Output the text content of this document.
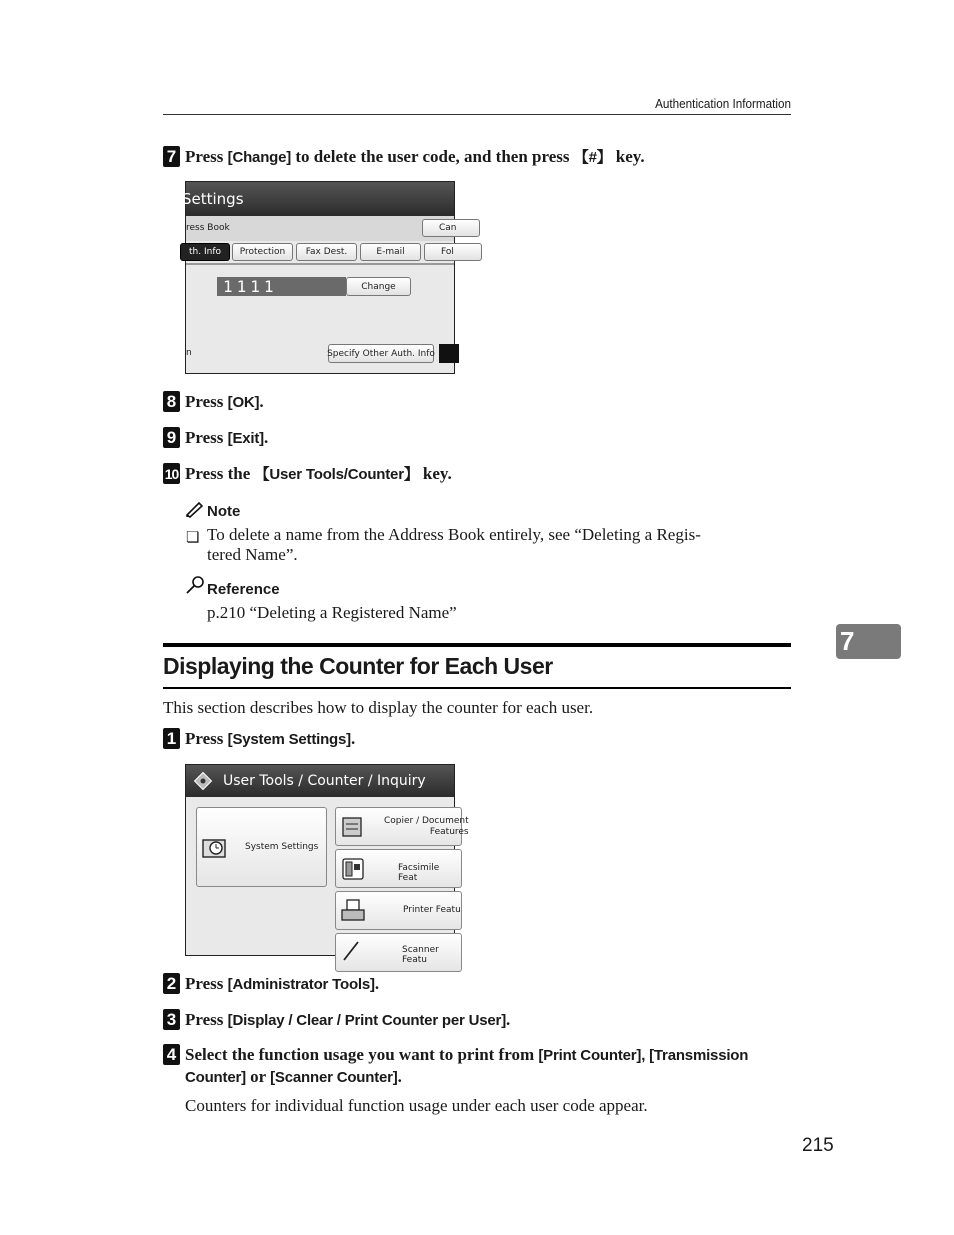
Authentication Information
7 Press [Change] to delete the user code, and then press 【#】 key.
Settings
ress Book	Can
th. Info	Protection	Fax Dest.	E-mail	Fol
1111	Change
n	Specify Other Auth. Info
8 Press [OK].
9 Press [Exit].
10 Press the 【User Tools/Counter】 key.
Note
❏ To delete a name from the Address Book entirely, see “Deleting a Regis-
tered Name”.
Reference
p.210 “Deleting a Registered Name”
Displaying the Counter for Each User
7
This section describes how to display the counter for each user.
1 Press [System Settings].
User Tools / Counter / Inquiry
System Settings
Copier / Document
Features
Facsimile Feat
Printer Featu
Scanner Featu
2 Press [Administrator Tools].
3 Press [Display / Clear / Print Counter per User].
4 Select the function usage you want to print from [Print Counter], [Transmission
Counter] or [Scanner Counter].
Counters for individual function usage under each user code appear.
215
